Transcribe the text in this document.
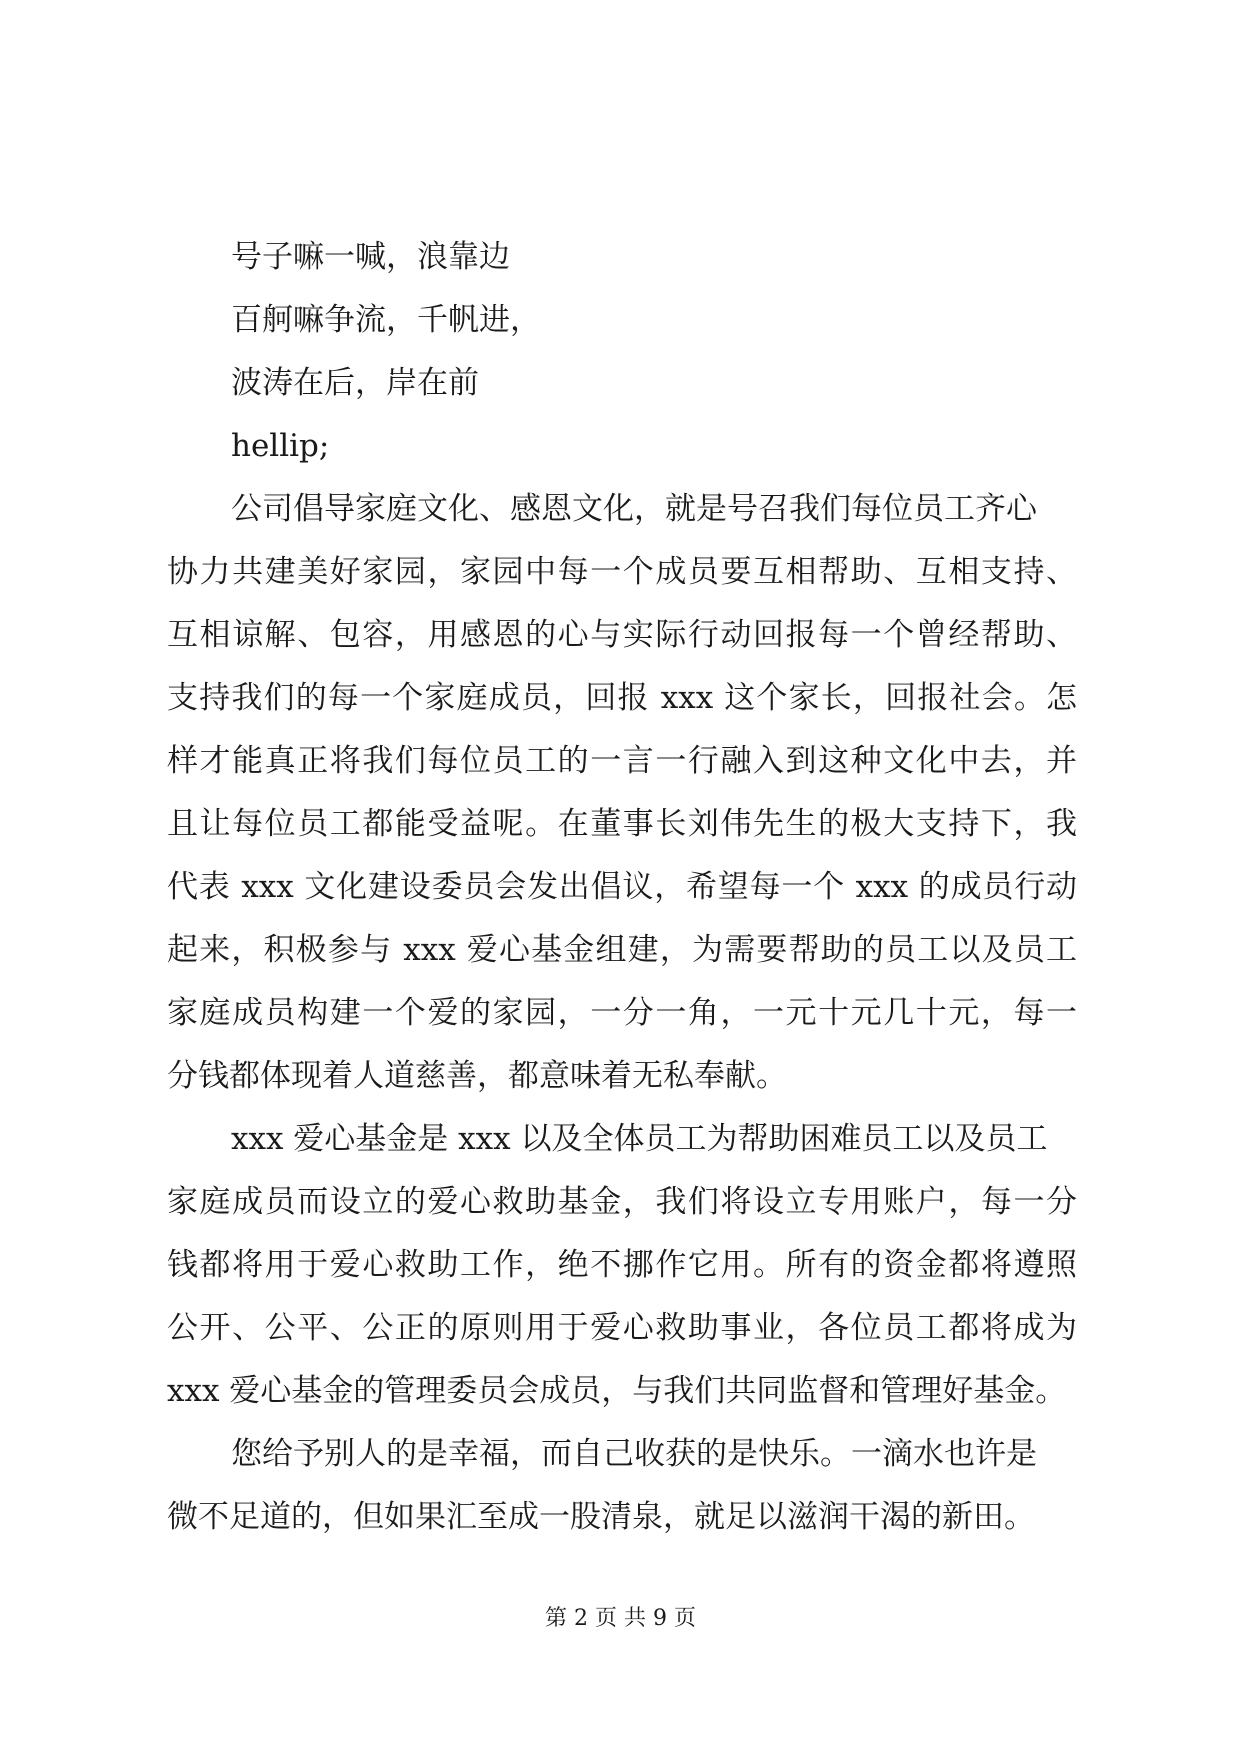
号子嘛一喊，浪靠边

百舸嘛争流，千帆进，

波涛在后，岸在前

hellip;

公司倡导家庭文化、感恩文化，就是号召我们每位员工齐心

协力共建美好家园，家园中每一个成员要互相帮助、互相支持、

互相谅解、包容，用感恩的心与实际行动回报每一个曾经帮助、

支持我们的每一个家庭成员，回报 xxx 这个家长，回报社会。怎

样才能真正将我们每位员工的一言一行融入到这种文化中去，并

且让每位员工都能受益呢。在董事长刘伟先生的极大支持下，我

代表 xxx 文化建设委员会发出倡议，希望每一个 xxx 的成员行动

起来，积极参与 xxx 爱心基金组建，为需要帮助的员工以及员工

家庭成员构建一个爱的家园，一分一角，一元十元几十元，每一

分钱都体现着人道慈善，都意味着无私奉献。

xxx 爱心基金是 xxx 以及全体员工为帮助困难员工以及员工

家庭成员而设立的爱心救助基金，我们将设立专用账户，每一分

钱都将用于爱心救助工作，绝不挪作它用。所有的资金都将遵照

公开、公平、公正的原则用于爱心救助事业，各位员工都将成为

xxx 爱心基金的管理委员会成员，与我们共同监督和管理好基金。

您给予别人的是幸福，而自己收获的是快乐。一滴水也许是

微不足道的，但如果汇至成一股清泉，就足以滋润干渴的新田。

第 2 页 共 9 页
